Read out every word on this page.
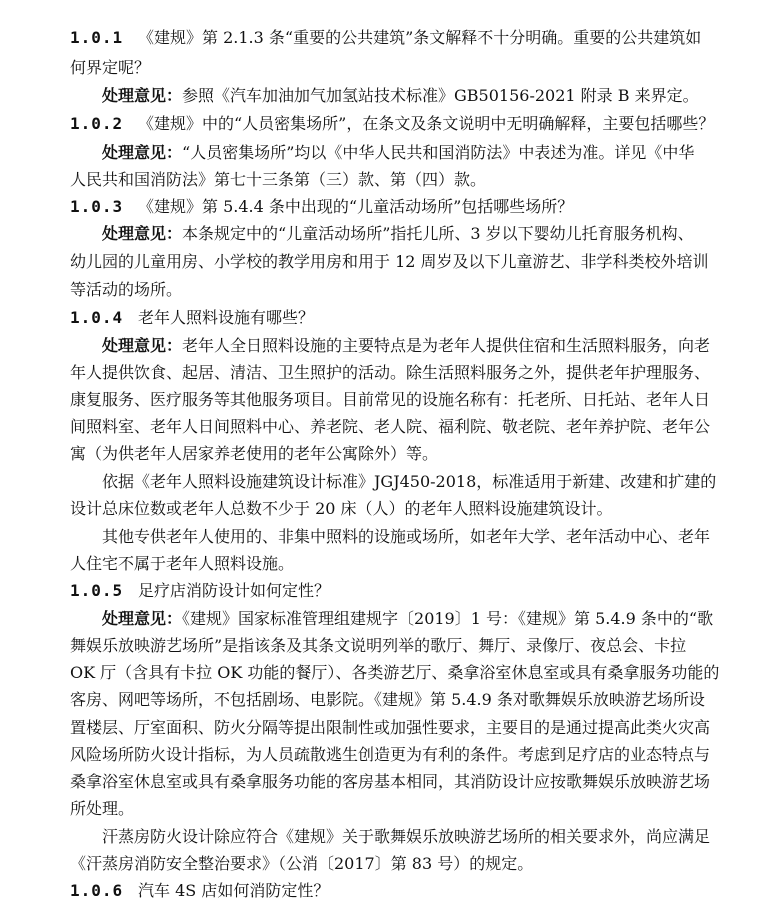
1.0.1 《建规》第 2.1.3 条“重要的公共建筑”条文解释不十分明确。重要的公共建筑如
何界定呢？
处理意见：参照《汽车加油加气加氢站技术标准》GB50156-2021 附录 B 来界定。
1.0.2 《建规》中的“人员密集场所”，在条文及条文说明中无明确解释，主要包括哪些？
处理意见：“人员密集场所”均以《中华人民共和国消防法》中表述为准。详见《中华
人民共和国消防法》第七十三条第（三）款、第（四）款。
1.0.3 《建规》第 5.4.4 条中出现的“儿童活动场所”包括哪些场所？
处理意见：本条规定中的“儿童活动场所”指托儿所、3 岁以下婴幼儿托育服务机构、
幼儿园的儿童用房、小学校的教学用房和用于 12 周岁及以下儿童游艺、非学科类校外培训
等活动的场所。
1.0.4 老年人照料设施有哪些？
处理意见：老年人全日照料设施的主要特点是为老年人提供住宿和生活照料服务，向老
年人提供饮食、起居、清洁、卫生照护的活动。除生活照料服务之外，提供老年护理服务、
康复服务、医疗服务等其他服务项目。目前常见的设施名称有：托老所、日托站、老年人日
间照料室、老年人日间照料中心、养老院、老人院、福利院、敬老院、老年养护院、老年公
寓（为供老年人居家养老使用的老年公寓除外）等。
依据《老年人照料设施建筑设计标准》JGJ450-2018，标准适用于新建、改建和扩建的
设计总床位数或老年人总数不少于 20 床（人）的老年人照料设施建筑设计。
其他专供老年人使用的、非集中照料的设施或场所，如老年大学、老年活动中心、老年
人住宅不属于老年人照料设施。
1.0.5 足疗店消防设计如何定性？
处理意见：《建规》国家标准管理组建规字〔2019〕1 号：《建规》第 5.4.9 条中的“歌
舞娱乐放映游艺场所”是指该条及其条文说明列举的歌厅、舞厅、录像厅、夜总会、卡拉
OK 厅（含具有卡拉 OK 功能的餐厅）、各类游艺厅、桑拿浴室休息室或具有桑拿服务功能的
客房、网吧等场所，不包括剧场、电影院。《建规》第 5.4.9 条对歌舞娱乐放映游艺场所设
置楼层、厅室面积、防火分隔等提出限制性或加强性要求，主要目的是通过提高此类火灾高
风险场所防火设计指标，为人员疏散逃生创造更为有利的条件。考虑到足疗店的业态特点与
桑拿浴室休息室或具有桑拿服务功能的客房基本相同，其消防设计应按歌舞娱乐放映游艺场
所处理。
汗蒸房防火设计除应符合《建规》关于歌舞娱乐放映游艺场所的相关要求外，尚应满足
《汗蒸房消防安全整治要求》（公消〔2017〕第 83 号）的规定。
1.0.6 汽车 4S 店如何消防定性？
